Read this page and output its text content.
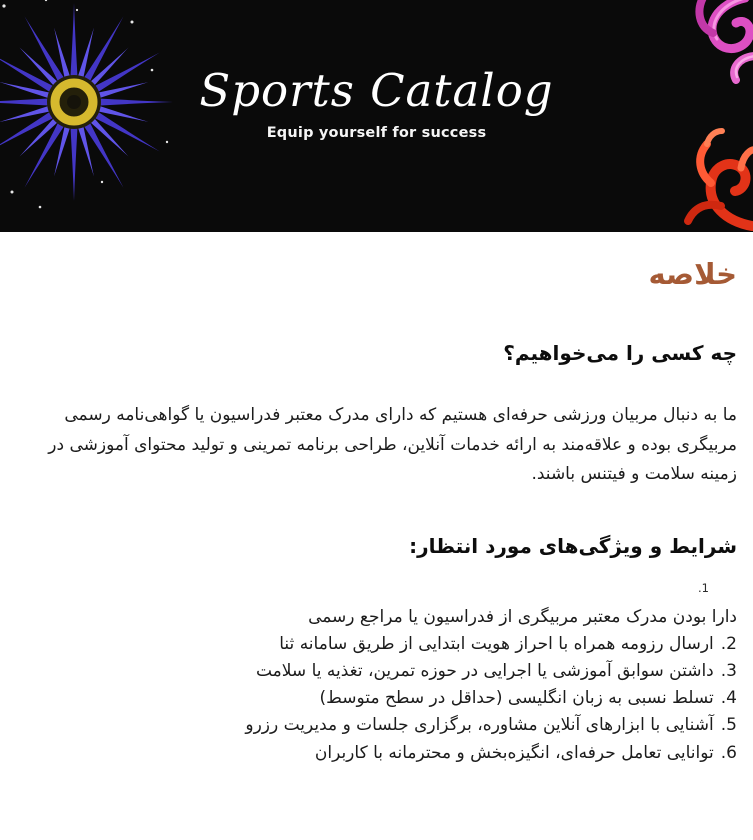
Sports Catalog
Equip yourself for success
خلاصه
چه کسی را می‌خواهیم؟

ما به دنبال مربیان ورزشی حرفه‌ای هستیم که دارای مدرک معتبر فدراسیون یا گواهی‌نامه رسمی مربیگری بوده و علاقه‌مند به ارائه خدمات آنلاین، طراحی برنامه تمرینی و تولید محتوای آموزشی در زمینه سلامت و فیتنس باشند.

شرایط و ویژگی‌های مورد انتظار:
1.
دارا بودن مدرک معتبر مربیگری از فدراسیون یا مراجع رسمی
2.ارسال رزومه همراه با احراز هویت ابتدایی از طریق سامانه ثنا
3.داشتن سوابق آموزشی یا اجرایی در حوزه تمرین، تغذیه یا سلامت
4.تسلط نسبی به زبان انگلیسی (حداقل در سطح متوسط)
5.آشنایی با ابزارهای آنلاین مشاوره، برگزاری جلسات و مدیریت رزرو
6.توانایی تعامل حرفه‌ای، انگیزه‌بخش و محترمانه با کاربران
